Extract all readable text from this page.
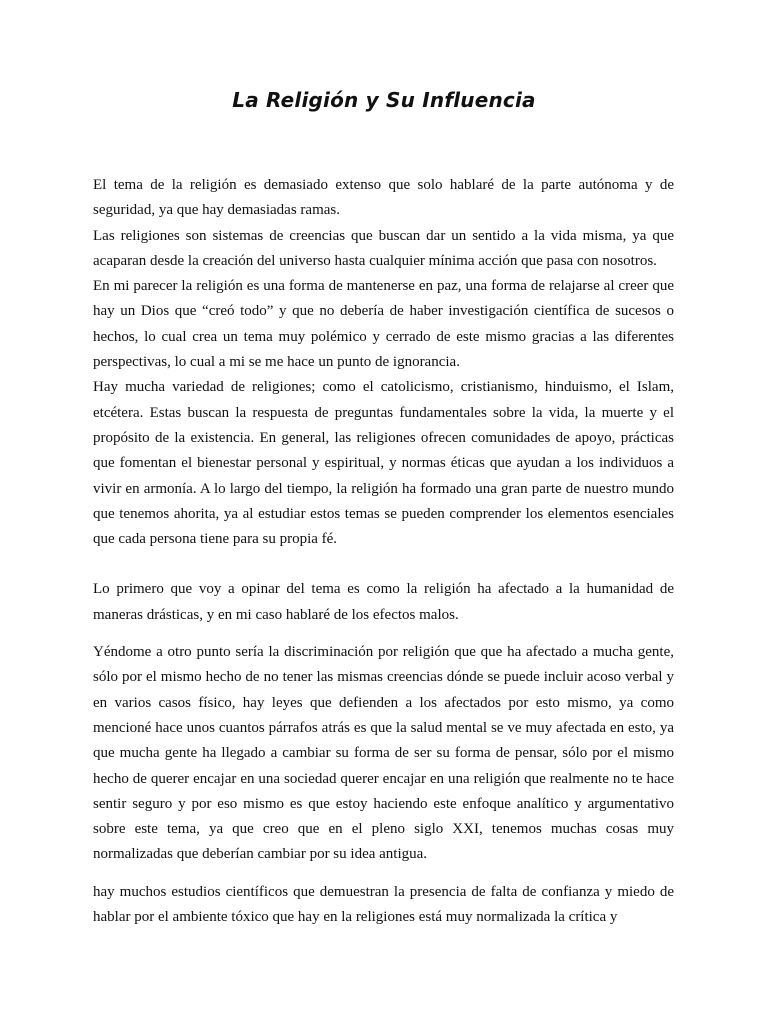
La Religión y Su Influencia

El tema de la religión es demasiado extenso que solo hablaré de la parte autónoma y de seguridad, ya que hay demasiadas ramas.

Las religiones son sistemas de creencias que buscan dar un sentido a la vida misma, ya que acaparan desde la creación del universo hasta cualquier mínima acción que pasa con nosotros.

En mi parecer la religión es una forma de mantenerse en paz, una forma de relajarse al creer que hay un Dios que “creó todo” y que no debería de haber investigación científica de sucesos o hechos, lo cual crea un tema muy polémico y cerrado de este mismo gracias a las diferentes perspectivas, lo cual a mi se me hace un punto de ignorancia.

Hay mucha variedad de religiones; como el catolicismo, cristianismo, hinduismo, el Islam, etcétera. Estas buscan la respuesta de preguntas fundamentales sobre la vida, la muerte y el propósito de la existencia. En general, las religiones ofrecen comunidades de apoyo, prácticas que fomentan el bienestar personal y espiritual, y normas éticas que ayudan a los individuos a vivir en armonía. A lo largo del tiempo, la religión ha formado una gran parte de nuestro mundo que tenemos ahorita, ya al estudiar estos temas se pueden comprender los elementos esenciales que cada persona tiene para su propia fé.

Lo primero que voy a opinar del tema es como la religión ha afectado a la humanidad de maneras drásticas, y en mi caso hablaré de los efectos malos.

Yéndome a otro punto sería la discriminación por religión que que ha afectado a mucha gente, sólo por el mismo hecho de no tener las mismas creencias dónde se puede incluir acoso verbal y en varios casos físico, hay leyes que defienden a los afectados por esto mismo, ya como mencioné hace unos cuantos párrafos atrás es que la salud mental se ve muy afectada en esto, ya que mucha gente ha llegado a cambiar su forma de ser su forma de pensar, sólo por el mismo hecho de querer encajar en una sociedad querer encajar en una religión que realmente no te hace sentir seguro y por eso mismo es que estoy haciendo este enfoque analítico y argumentativo sobre este tema, ya que creo que en el pleno siglo XXI, tenemos muchas cosas muy normalizadas que deberían cambiar por su idea antigua.

hay muchos estudios científicos que demuestran la presencia de falta de confianza y miedo de hablar por el ambiente tóxico que hay en la religiones está muy normalizada la crítica y
